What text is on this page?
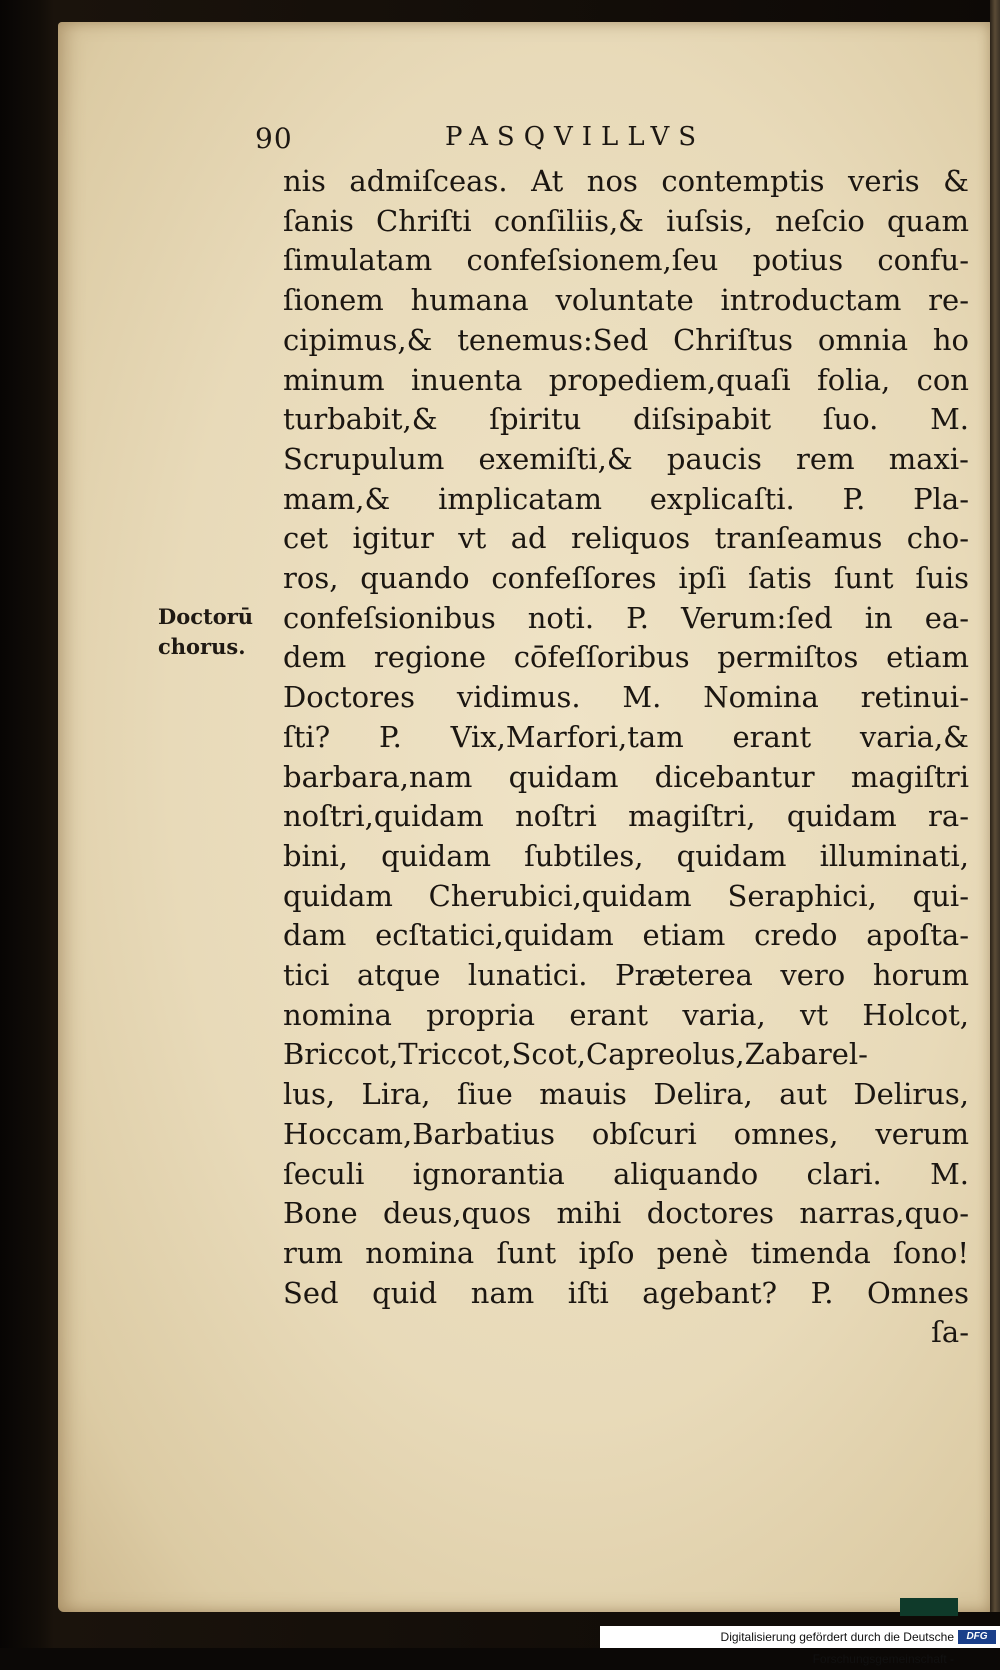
90	PASQVILLVS
Doctorū
chorus.
nis admiſceas. At nos contemptis veris &
ſanis Chriſti conſiliis,& iuſsis, neſcio quam
ſimulatam confeſsionem,ſeu potius confu-
ſionem humana voluntate introductam re-
cipimus,& tenemus:Sed Chriſtus omnia ho
minum inuenta propediem,quaſi folia, con
turbabit,& ſpiritu diſsipabit ſuo. M.
Scrupulum exemiſti,& paucis rem maxi-
mam,& implicatam explicaſti. P. Pla-
cet igitur vt ad reliquos tranſeamus cho-
ros, quando confeſſores ipſi ſatis ſunt ſuis
confeſsionibus noti. P. Verum:ſed in ea-
dem regione cōfeſſoribus permiſtos etiam
Doctores vidimus. M. Nomina retinui-
ſti? P. Vix,Marfori,tam erant varia,&
barbara,nam quidam dicebantur magiſtri
noſtri,quidam noſtri magiſtri, quidam ra-
bini, quidam ſubtiles, quidam illuminati,
quidam Cherubici,quidam Seraphici, qui-
dam ecſtatici,quidam etiam credo apoſta-
tici atque lunatici. Præterea vero horum
nomina propria erant varia, vt Holcot,
Briccot,Triccot,Scot,Capreolus,Zabarel-
lus, Lira, ſiue mauis Delira, aut Delirus,
Hoccam,Barbatius obſcuri omnes, verum
ſeculi ignorantia aliquando clari. M.
Bone deus,quos mihi doctores narras,quo-
rum nomina ſunt ipſo penè timenda ſono!
Sed quid nam iſti agebant? P. Omnes
ſa-
Digitalisierung gefördert durch die Deutsche Forschungsgemeinschaft -
DFG
